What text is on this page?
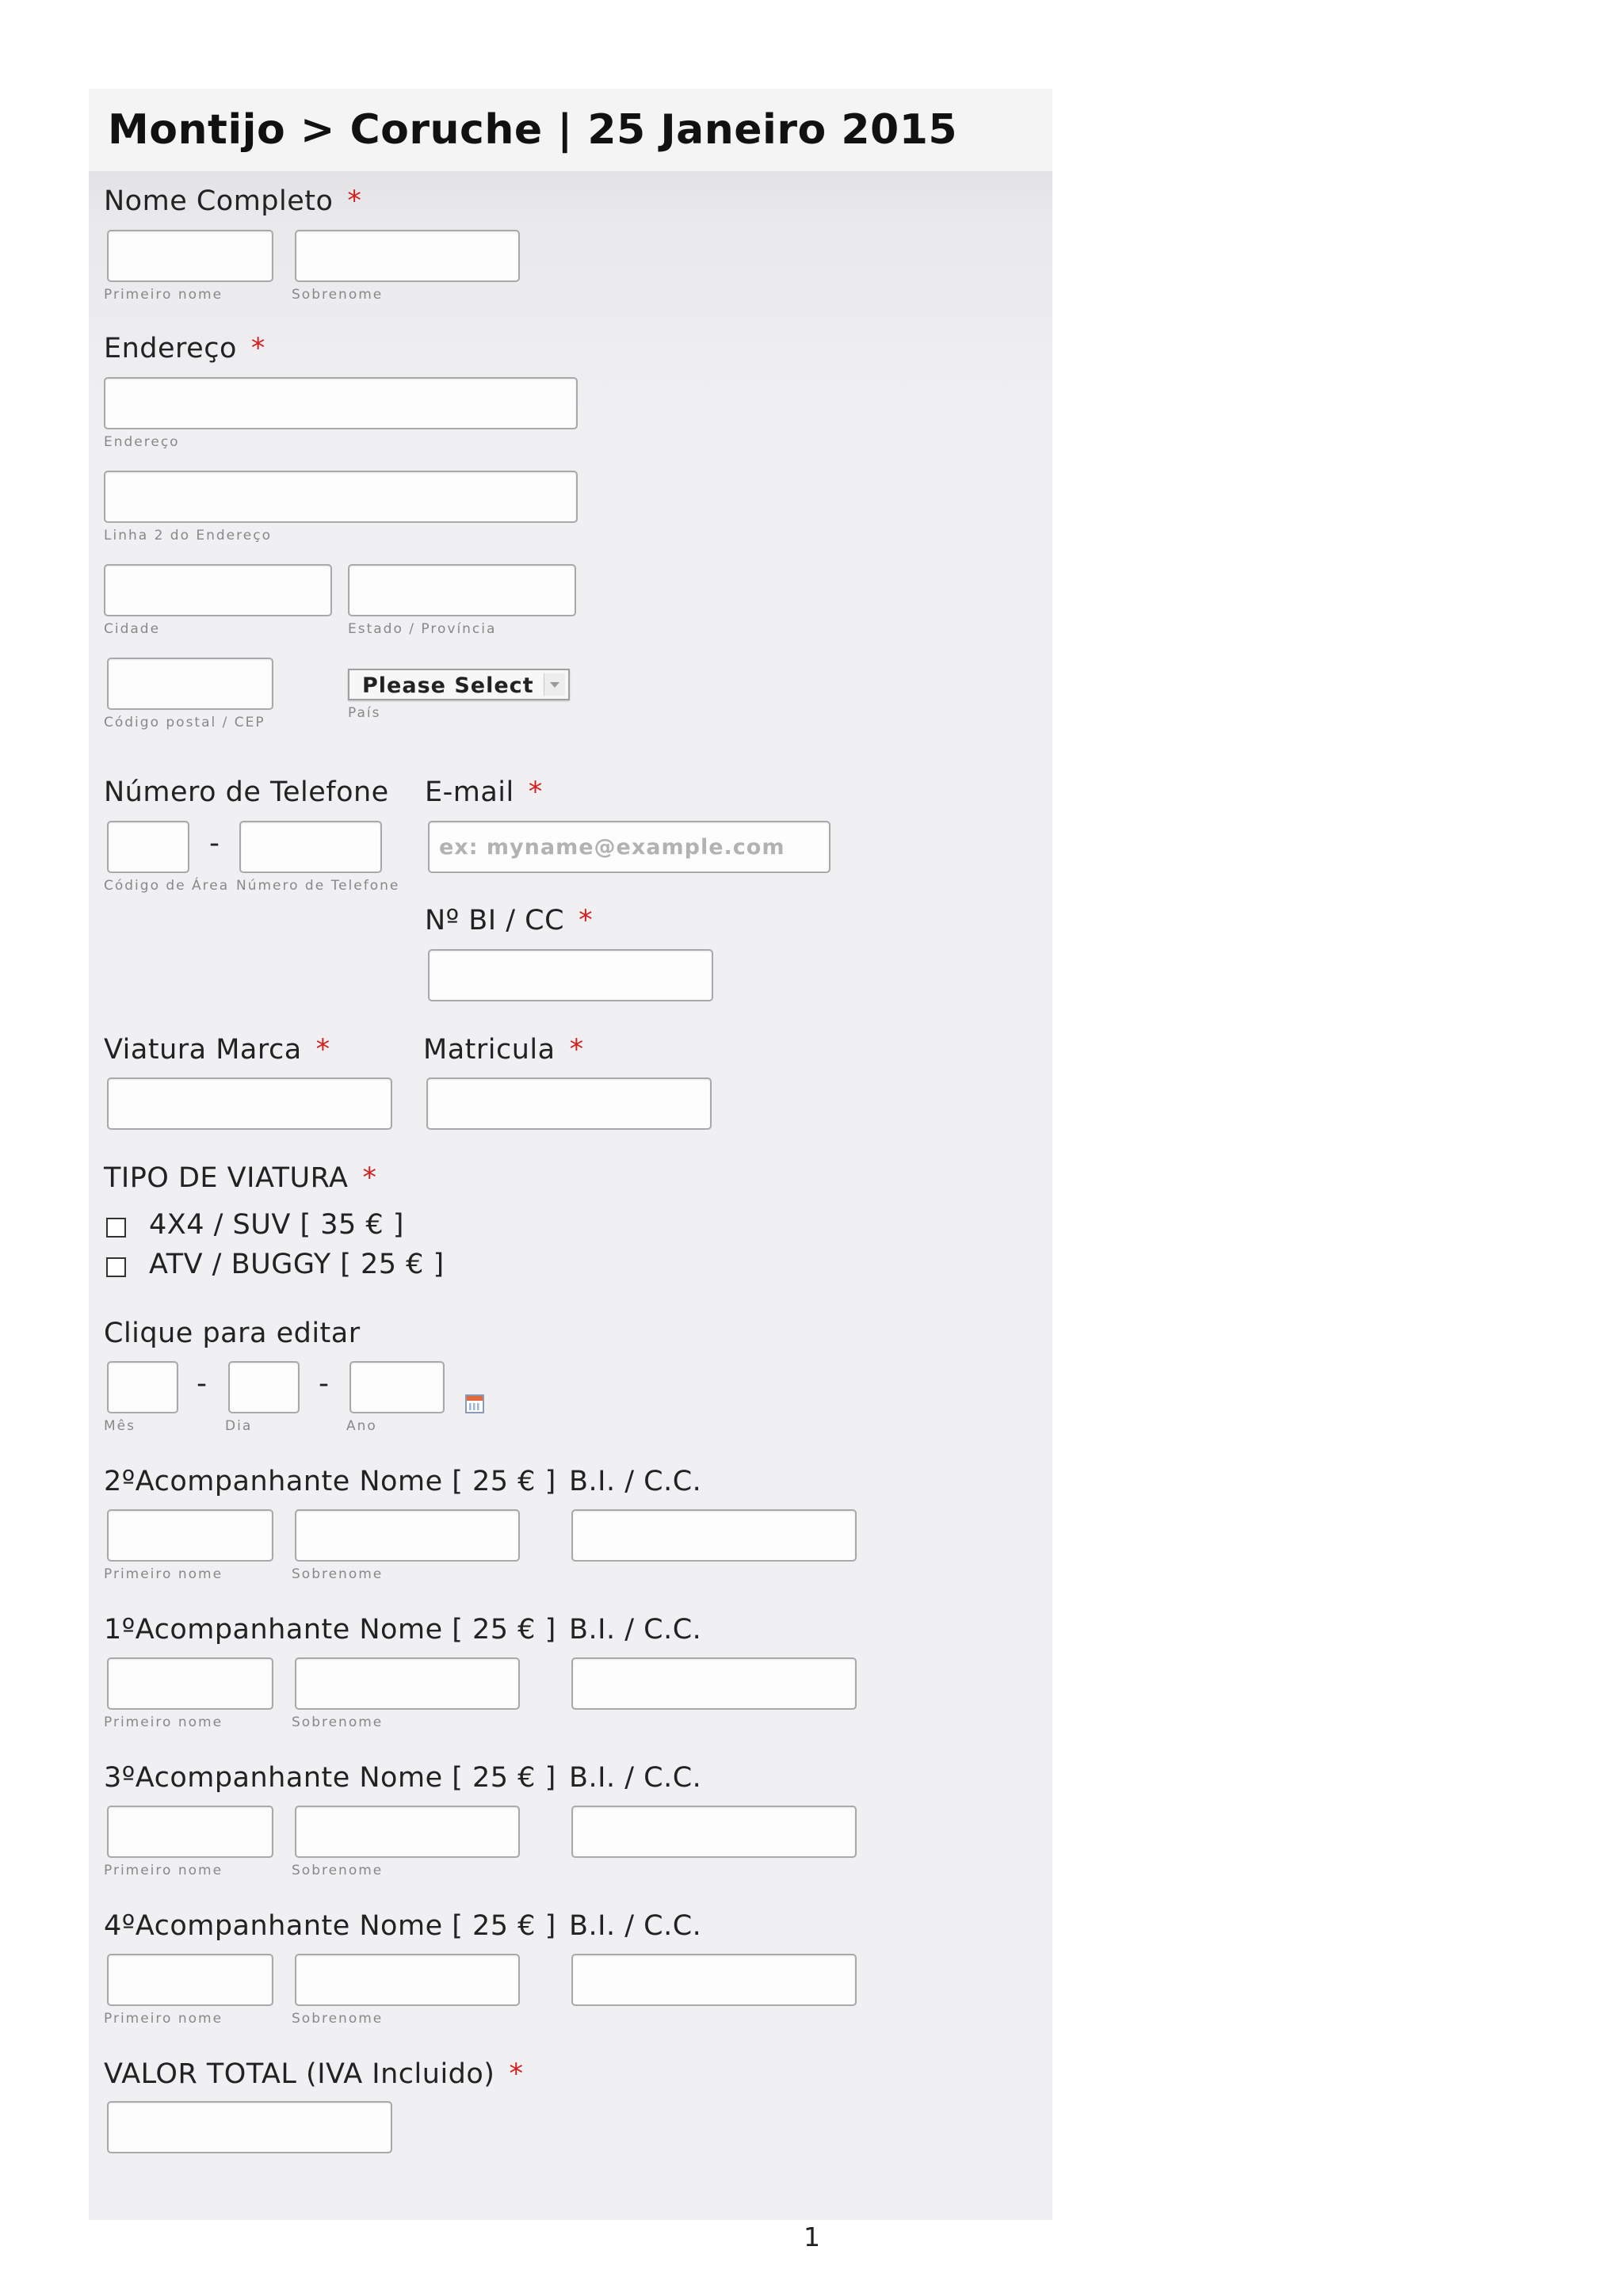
Montijo > Coruche | 25 Janeiro 2015
Nome Completo *
Primeiro nome	Sobrenome
Endereço *
Endereço
Linha 2 do Endereço
Cidade	Estado / Província
Código postal / CEP
Please Select
País
Número de Telefone
-
Código de Área Número de Telefone
E-mail *
ex: myname@example.com
Nº BI / CC *
Viatura Marca *	Matricula *
TIPO DE VIATURA *
4X4 / SUV [ 35 € ]
ATV / BUGGY [ 25 € ]
Clique para editar
-	-
Mês	Dia	Ano
2ºAcompanhante Nome [ 25 € ] B.I. / C.C.
Primeiro nome	Sobrenome
1ºAcompanhante Nome [ 25 € ] B.I. / C.C.
Primeiro nome	Sobrenome
3ºAcompanhante Nome [ 25 € ] B.I. / C.C.
Primeiro nome	Sobrenome
4ºAcompanhante Nome [ 25 € ] B.I. / C.C.
Primeiro nome	Sobrenome
VALOR TOTAL (IVA Incluido) *
1
